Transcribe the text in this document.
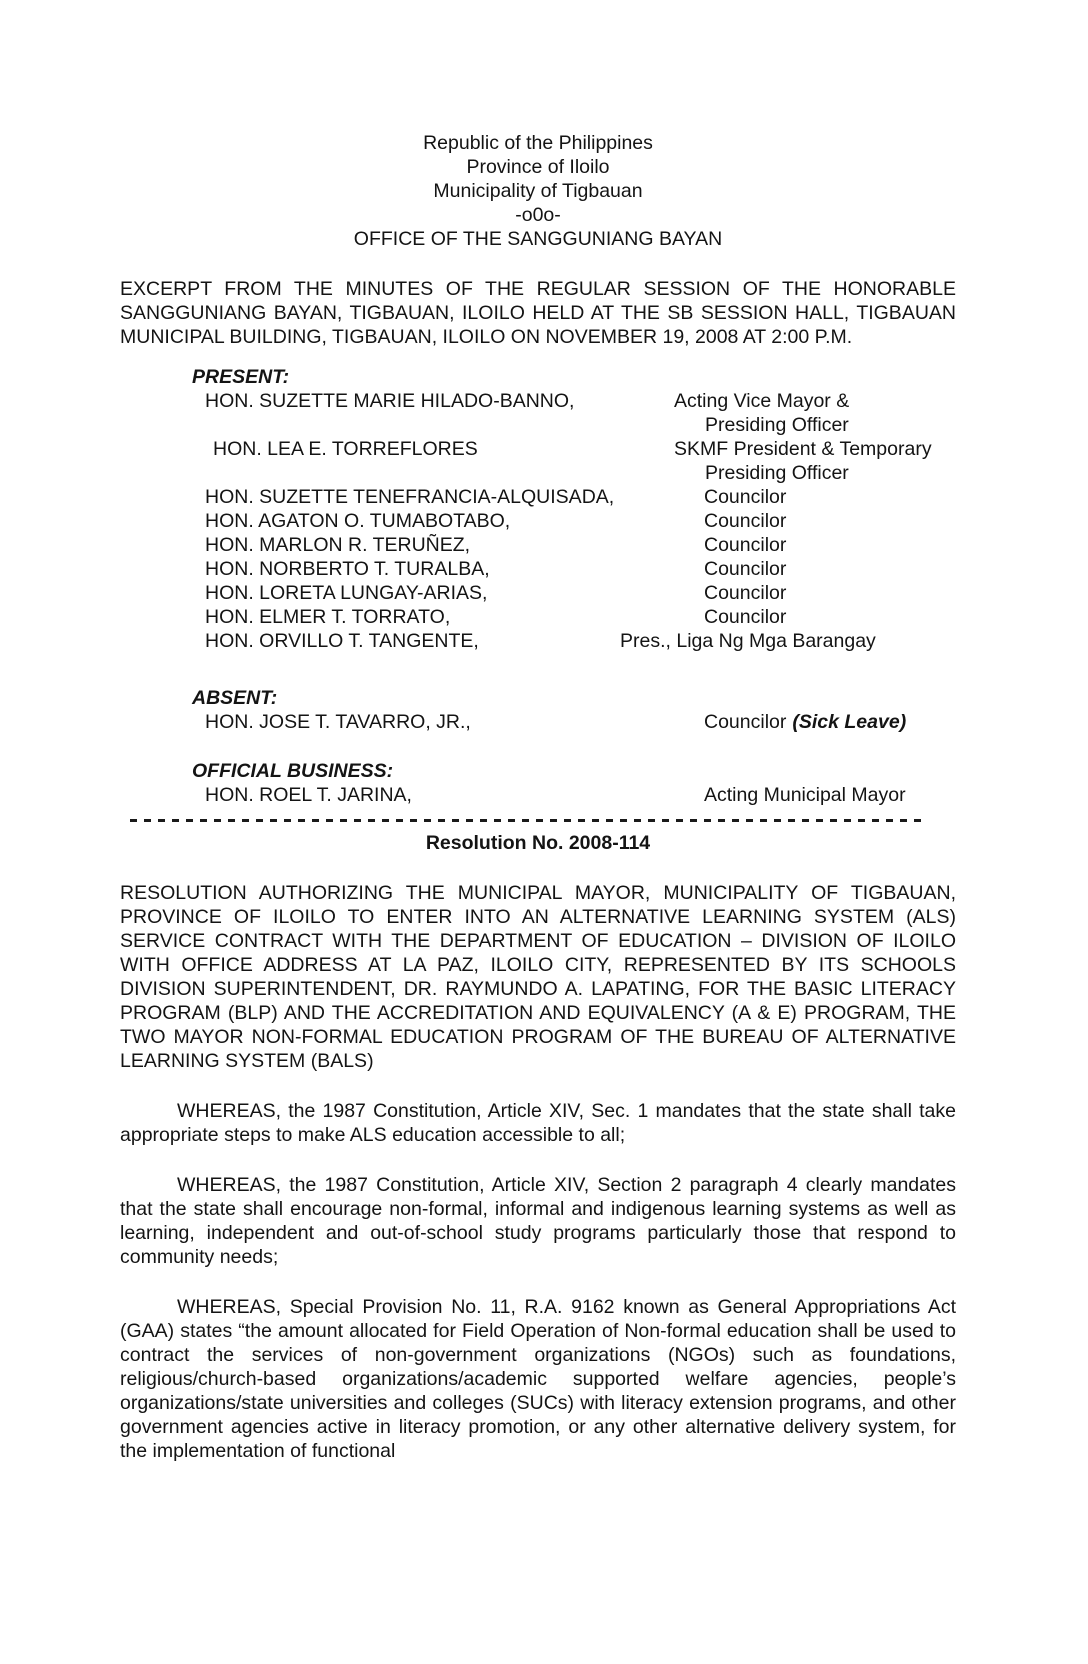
Republic of the Philippines
Province of Iloilo
Municipality of Tigbauan
-o0o-
OFFICE OF THE SANGGUNIANG BAYAN
EXCERPT FROM THE MINUTES OF THE REGULAR SESSION OF THE HONORABLE SANGGUNIANG BAYAN, TIGBAUAN, ILOILO HELD AT THE SB SESSION HALL, TIGBAUAN MUNICIPAL BUILDING, TIGBAUAN, ILOILO ON NOVEMBER 19, 2008 AT 2:00 P.M.
PRESENT:
HON. SUZETTE MARIE HILADO-BANNO,	Acting Vice Mayor &
Presiding Officer
HON. LEA E. TORREFLORES	SKMF President & Temporary
Presiding Officer
HON. SUZETTE TENEFRANCIA-ALQUISADA,	Councilor
HON. AGATON O. TUMABOTABO,	Councilor
HON. MARLON R. TERUÑEZ,	Councilor
HON. NORBERTO T. TURALBA,	Councilor
HON. LORETA LUNGAY-ARIAS,	Councilor
HON. ELMER T. TORRATO,	Councilor
HON. ORVILLO T. TANGENTE,	Pres., Liga Ng Mga Barangay
ABSENT:
HON. JOSE T. TAVARRO, JR.,	Councilor (Sick Leave)
OFFICIAL BUSINESS:
HON. ROEL T. JARINA,	Acting Municipal Mayor
Resolution No. 2008-114
RESOLUTION AUTHORIZING THE MUNICIPAL MAYOR, MUNICIPALITY OF TIGBAUAN, PROVINCE OF ILOILO TO ENTER INTO AN ALTERNATIVE LEARNING SYSTEM (ALS) SERVICE CONTRACT WITH THE DEPARTMENT OF EDUCATION – DIVISION OF ILOILO WITH OFFICE ADDRESS AT LA PAZ, ILOILO CITY, REPRESENTED BY ITS SCHOOLS DIVISION SUPERINTENDENT, DR. RAYMUNDO A. LAPATING, FOR THE BASIC LITERACY PROGRAM (BLP) AND THE ACCREDITATION AND EQUIVALENCY (A & E) PROGRAM, THE TWO MAYOR NON-FORMAL EDUCATION PROGRAM OF THE BUREAU OF ALTERNATIVE LEARNING SYSTEM (BALS)
WHEREAS, the 1987 Constitution, Article XIV, Sec. 1 mandates that the state shall take appropriate steps to make ALS education accessible to all;
WHEREAS, the 1987 Constitution, Article XIV, Section 2 paragraph 4 clearly mandates that the state shall encourage non-formal, informal and indigenous learning systems as well as learning, independent and out-of-school study programs particularly those that respond to community needs;
WHEREAS, Special Provision No. 11, R.A. 9162 known as General Appropriations Act (GAA) states “the amount allocated for Field Operation of Non-formal education shall be used to contract the services of non-government organizations (NGOs) such as foundations, religious/church-based organizations/academic supported welfare agencies, people’s organizations/state universities and colleges (SUCs) with literacy extension programs, and other government agencies active in literacy promotion, or any other alternative delivery system, for the implementation of functional
